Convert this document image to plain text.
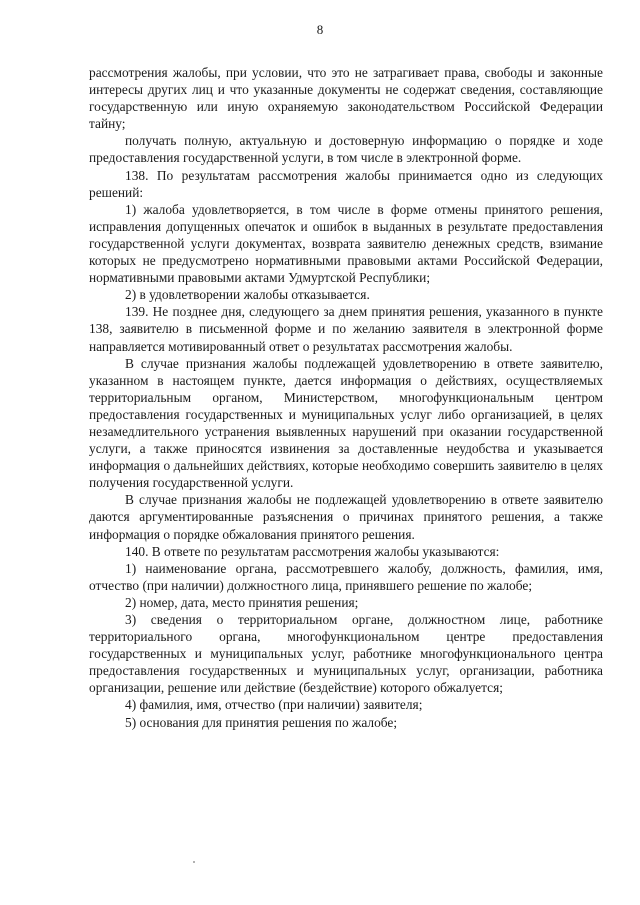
8

рассмотрения жалобы, при условии, что это не затрагивает права, свободы и законные интересы других лиц и что указанные документы не содержат сведения, составляющие государственную или иную охраняемую законодательством Российской Федерации тайну;

получать полную, актуальную и достоверную информацию о порядке и ходе предоставления государственной услуги, в том числе в электронной форме.

138. По результатам рассмотрения жалобы принимается одно из следующих решений:

1) жалоба удовлетворяется, в том числе в форме отмены принятого решения, исправления допущенных опечаток и ошибок в выданных в результате предоставления государственной услуги документах, возврата заявителю денежных средств, взимание которых не предусмотрено нормативными правовыми актами Российской Федерации, нормативными правовыми актами Удмуртской Республики;

2) в удовлетворении жалобы отказывается.

139. Не позднее дня, следующего за днем принятия решения, указанного в пункте 138, заявителю в письменной форме и по желанию заявителя в электронной форме направляется мотивированный ответ о результатах рассмотрения жалобы.

В случае признания жалобы подлежащей удовлетворению в ответе заявителю, указанном в настоящем пункте, дается информация о действиях, осуществляемых территориальным органом, Министерством, многофункциональным центром предоставления государственных и муниципальных услуг либо организацией, в целях незамедлительного устранения выявленных нарушений при оказании государственной услуги, а также приносятся извинения за доставленные неудобства и указывается информация о дальнейших действиях, которые необходимо совершить заявителю в целях получения государственной услуги.

В случае признания жалобы не подлежащей удовлетворению в ответе заявителю даются аргументированные разъяснения о причинах принятого решения, а также информация о порядке обжалования принятого решения.

140. В ответе по результатам рассмотрения жалобы указываются:

1) наименование органа, рассмотревшего жалобу, должность, фамилия, имя, отчество (при наличии) должностного лица, принявшего решение по жалобе;

2) номер, дата, место принятия решения;

3) сведения о территориальном органе, должностном лице, работнике территориального органа, многофункциональном центре предоставления государственных и муниципальных услуг, работнике многофункционального центра предоставления государственных и муниципальных услуг, организации, работника организации, решение или действие (бездействие) которого обжалуется;

4) фамилия, имя, отчество (при наличии) заявителя;

5) основания для принятия решения по жалобе;
